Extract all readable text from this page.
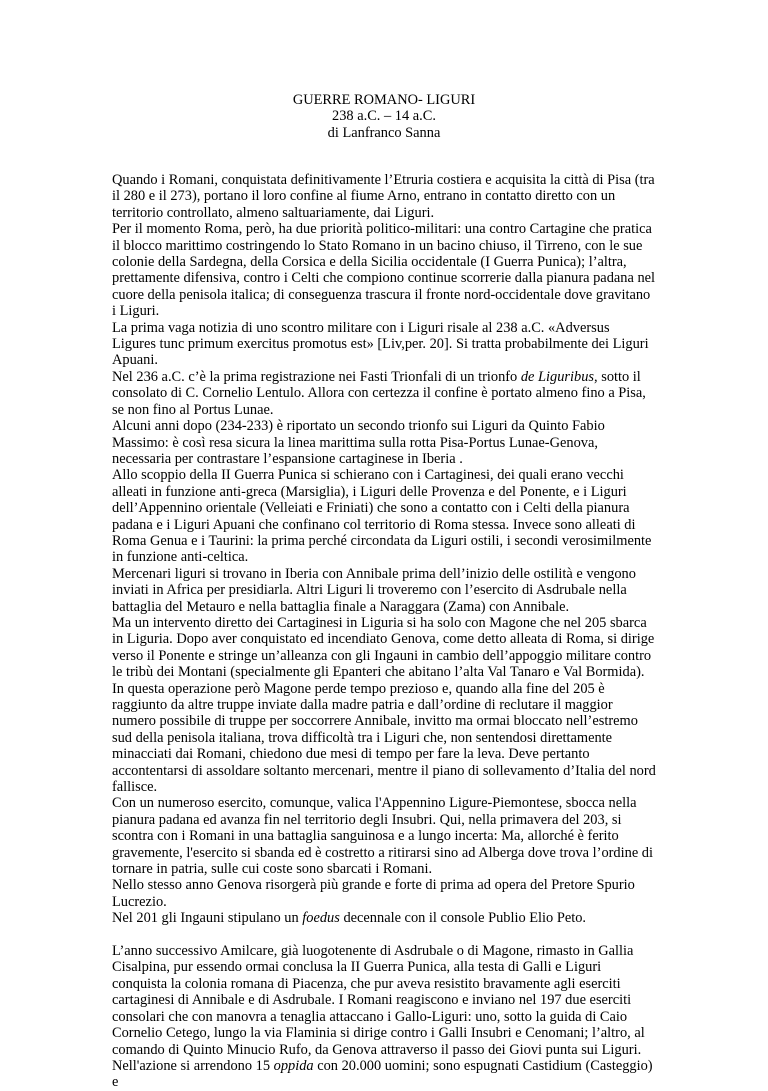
GUERRE ROMANO- LIGURI
238 a.C. – 14 a.C.
di Lanfranco Sanna

Quando i Romani, conquistata definitivamente l’Etruria costiera e acquisita la città di Pisa (tra il 280 e il 273), portano il loro confine al fiume Arno, entrano in contatto diretto con un territorio controllato, almeno saltuariamente, dai Liguri.

Per il momento Roma, però, ha due priorità politico-militari: una contro Cartagine che pratica il blocco marittimo costringendo lo Stato Romano in un bacino chiuso, il Tirreno, con le sue colonie della Sardegna, della Corsica e della Sicilia occidentale (I Guerra Punica); l’altra, prettamente difensiva, contro i Celti che compiono continue scorrerie dalla pianura padana nel cuore della penisola italica; di conseguenza trascura il fronte nord-occidentale dove gravitano i Liguri.

La prima vaga notizia di uno scontro militare con i Liguri risale al 238 a.C. «Adversus Ligures tunc primum exercitus promotus est» [Liv,per. 20]. Si tratta probabilmente dei Liguri Apuani.

Nel 236 a.C. c’è la prima registrazione nei Fasti Trionfali di un trionfo de Liguribus, sotto il consolato di C. Cornelio Lentulo. Allora con certezza il confine è portato almeno fino a Pisa, se non fino al Portus Lunae.

Alcuni anni dopo (234-233) è riportato un secondo trionfo sui Liguri da Quinto Fabio Massimo: è così resa sicura la linea marittima sulla rotta Pisa-Portus Lunae-Genova, necessaria per contrastare l’espansione cartaginese in Iberia .

Allo scoppio della II Guerra Punica si schierano con i Cartaginesi, dei quali erano vecchi alleati in funzione anti-greca (Marsiglia), i Liguri delle Provenza e del Ponente, e i Liguri dell’Appennino orientale (Velleiati e Friniati) che sono a contatto con i Celti della pianura padana e i Liguri Apuani che confinano col territorio di Roma stessa. Invece sono alleati di Roma Genua e i Taurini: la prima perché circondata da Liguri ostili, i secondi verosimilmente in funzione anti-celtica.

Mercenari liguri si trovano in Iberia con Annibale prima dell’inizio delle ostilità e vengono inviati in Africa per presidiarla. Altri Liguri li troveremo con l’esercito di Asdrubale nella battaglia del Metauro e nella battaglia finale a Naraggara (Zama) con Annibale.

Ma un intervento diretto dei Cartaginesi in Liguria si ha solo con Magone che nel 205 sbarca in Liguria. Dopo aver conquistato ed incendiato Genova, come detto alleata di Roma, si dirige verso il Ponente e stringe un’alleanza con gli Ingauni in cambio dell’appoggio militare contro le tribù dei Montani (specialmente gli Epanteri che abitano l’alta Val Tanaro e Val Bormida).

In questa operazione però Magone perde tempo prezioso e, quando alla fine del 205 è raggiunto da altre truppe inviate dalla madre patria e dall’ordine di reclutare il maggior numero possibile di truppe per soccorrere Annibale, invitto ma ormai bloccato nell’estremo sud della penisola italiana, trova difficoltà tra i Liguri che, non sentendosi direttamente minacciati dai Romani, chiedono due mesi di tempo per fare la leva. Deve pertanto accontentarsi di assoldare soltanto mercenari, mentre il piano di sollevamento d’Italia del nord fallisce.

Con un numeroso esercito, comunque, valica l'Appennino Ligure-Piemontese, sbocca nella pianura padana ed avanza fin nel territorio degli Insubri. Qui, nella primavera del 203, si scontra con i Romani in una battaglia sanguinosa e a lungo incerta: Ma, allorché è ferito gravemente, l'esercito si sbanda ed è costretto a ritirarsi sino ad Alberga dove trova l’ordine di tornare in patria, sulle cui coste sono sbarcati i Romani.

Nello stesso anno Genova risorgerà più grande e forte di prima ad opera del Pretore Spurio Lucrezio.

Nel 201 gli Ingauni stipulano un foedus decennale con il console Publio Elio Peto.

L’anno successivo Amilcare, già luogotenente di Asdrubale o di Magone, rimasto in Gallia Cisalpina, pur essendo ormai conclusa la II Guerra Punica, alla testa di Galli e Liguri conquista la colonia romana di Piacenza, che pur aveva resistito bravamente agli eserciti cartaginesi di Annibale e di Asdrubale. I Romani reagiscono e inviano nel 197 due eserciti consolari che con manovra a tenaglia attaccano i Gallo-Liguri: uno, sotto la guida di Caio Cornelio Cetego, lungo la via Flaminia si dirige contro i Galli Insubri e Cenomani; l’altro, al comando di Quinto Minucio Rufo, da Genova attraverso il passo dei Giovi punta sui Liguri.

Nell'azione si arrendono 15 oppida con 20.000 uomini; sono espugnati Castidium (Casteggio) e
